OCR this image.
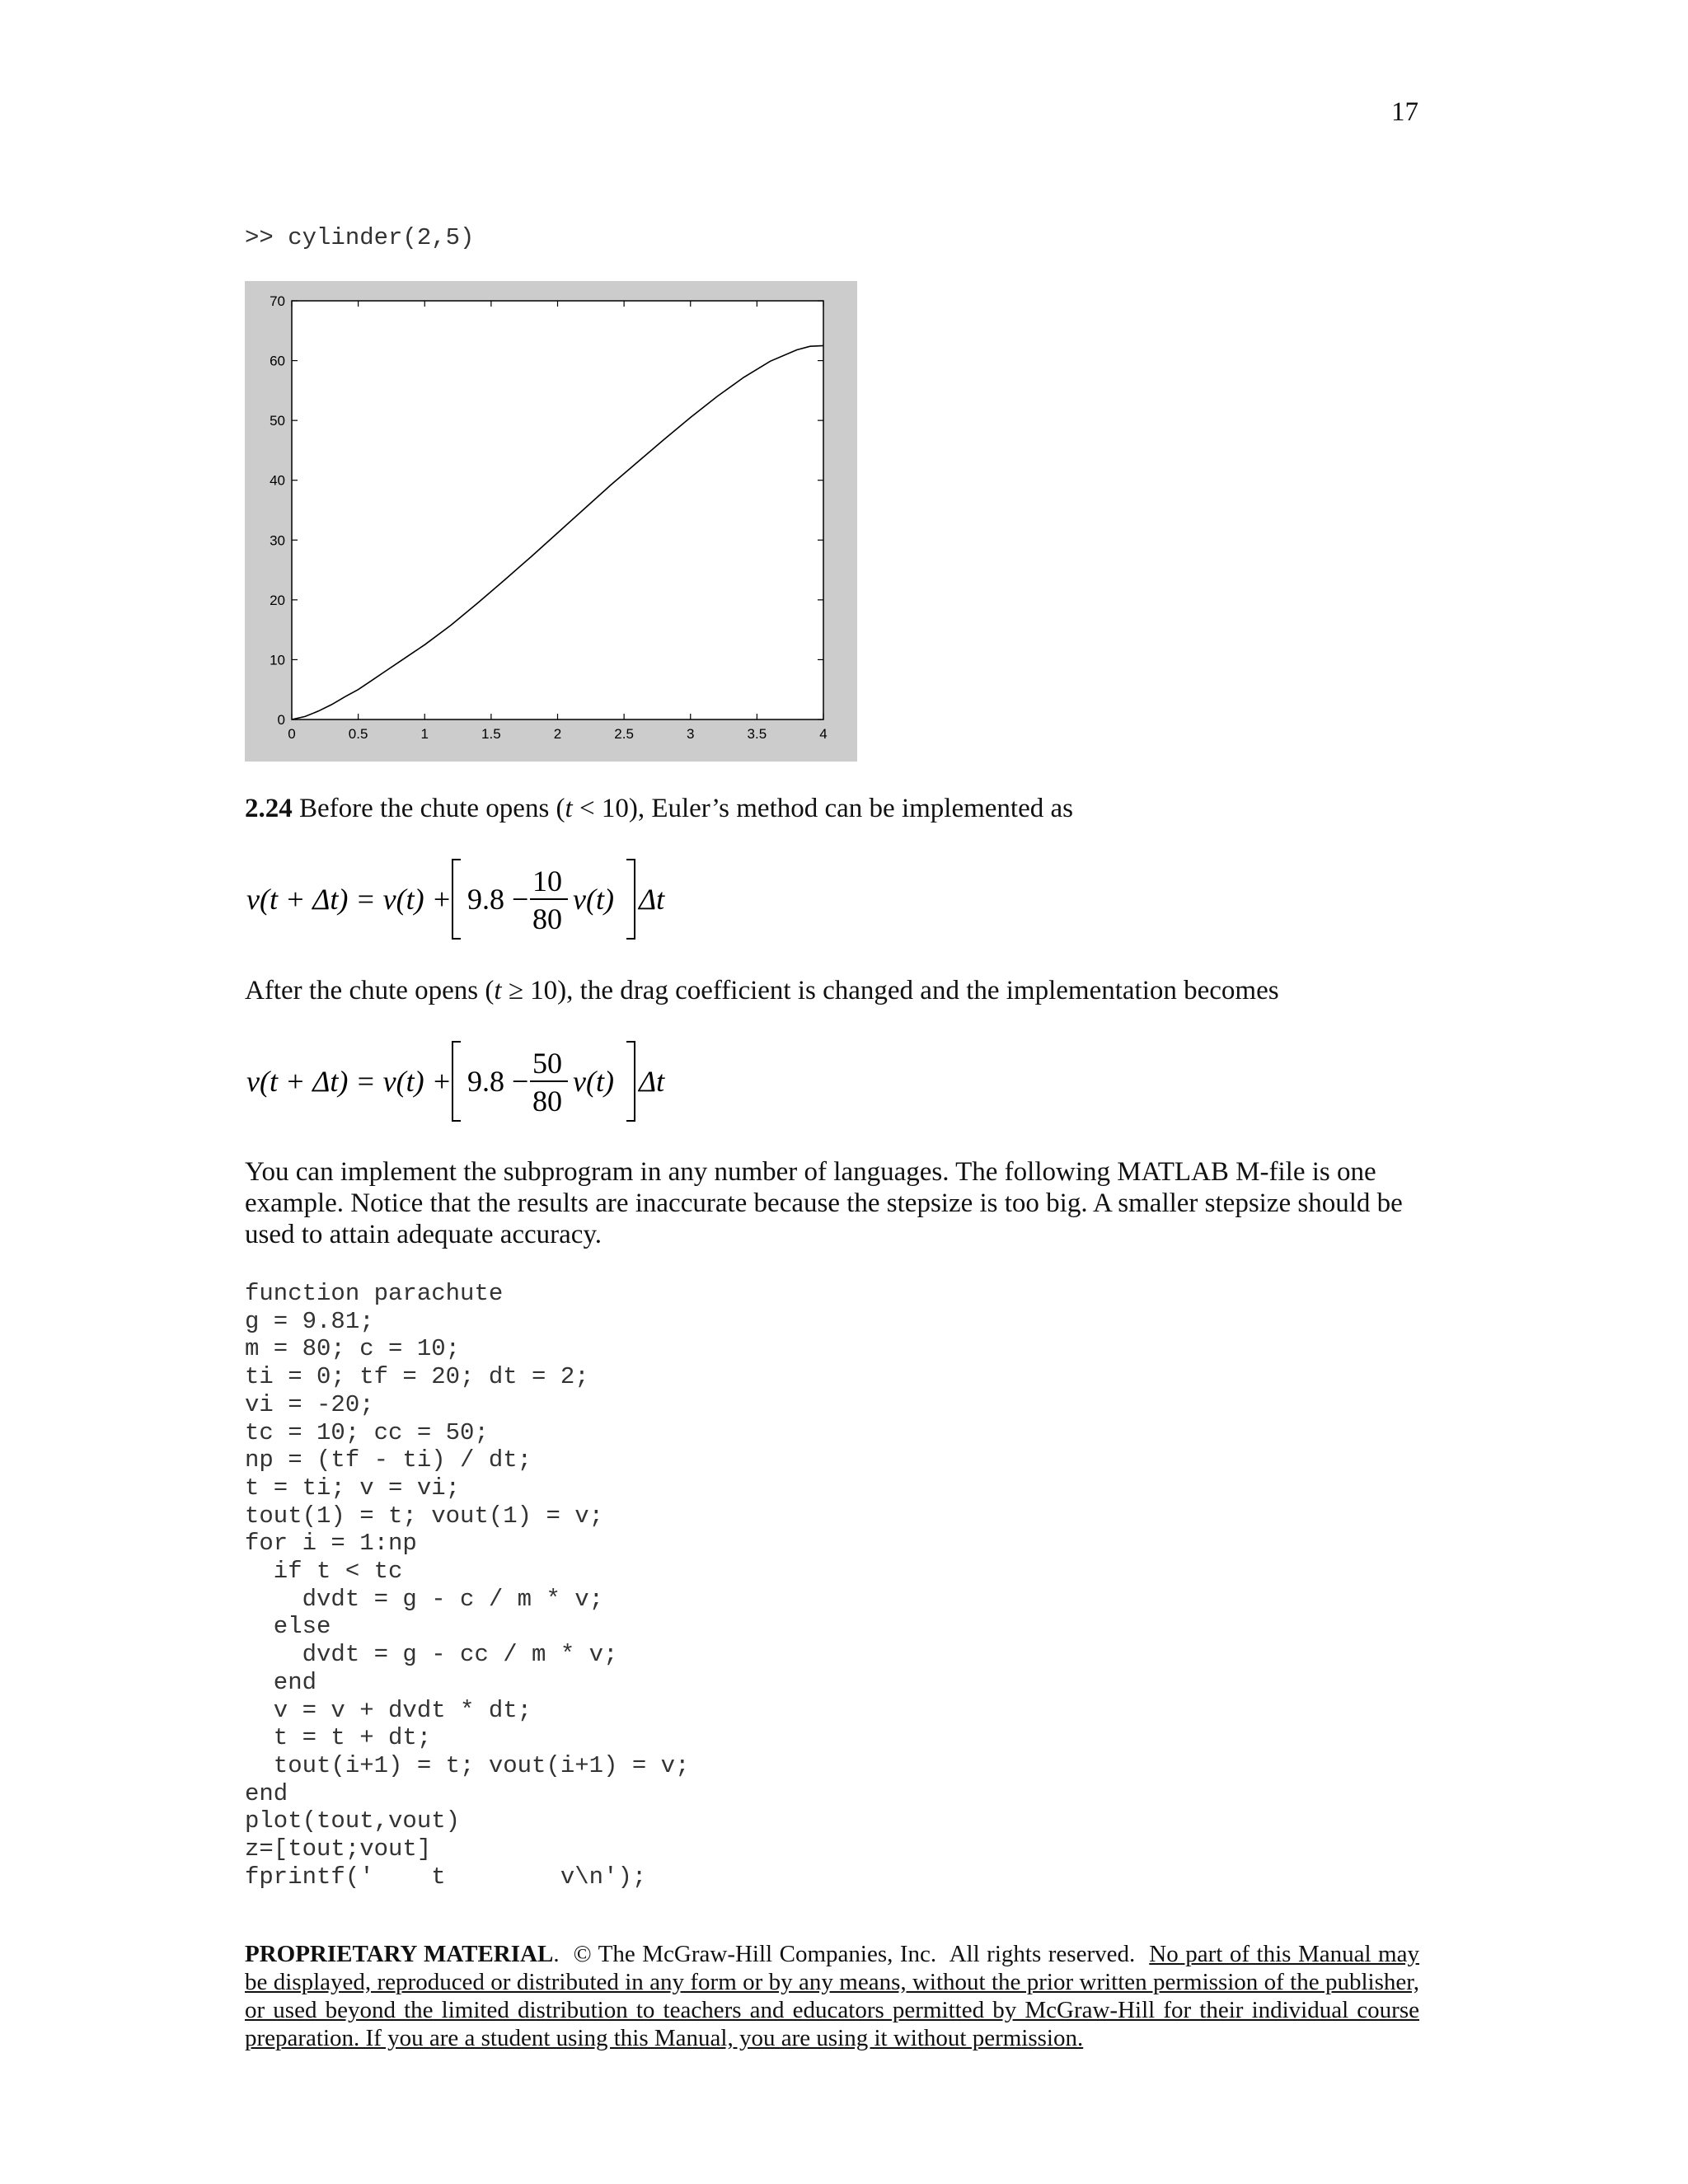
17
>> cylinder(2,5)
0	0.5	1	1.5	2	2.5	3	3.5	4
0
10
20
30
40
50
60
70
2.24 Before the chute opens (t < 10), Euler’s method can be implemented as
v(t + Δt) = v(t) + 9.8 −
10
80
v(t) Δt
After the chute opens (t ≥ 10), the drag coefficient is changed and the implementation becomes
v(t + Δt) = v(t) + 9.8 −
50
80
v(t) Δt
You can implement the subprogram in any number of languages. The following MATLAB M-file is one example. Notice that the results are inaccurate because the stepsize is too big. A smaller stepsize should be used to attain adequate accuracy.
function parachute
g = 9.81;
m = 80; c = 10;
ti = 0; tf = 20; dt = 2;
vi = -20;
tc = 10; cc = 50;
np = (tf - ti) / dt;
t = ti; v = vi;
tout(1) = t; vout(1) = v;
for i = 1:np
if t < tc
dvdt = g - c / m * v;
else
dvdt = g - cc / m * v;
end
v = v + dvdt * dt;
t = t + dt;
tout(i+1) = t; vout(i+1) = v;
end
plot(tout,vout)
z=[tout;vout]
fprintf('    t        v\n');
PROPRIETARY MATERIAL.  © The McGraw-Hill Companies, Inc.  All rights reserved.  No part of this Manual may be displayed, reproduced or distributed in any form or by any means, without the prior written permission of the publisher, or used beyond the limited distribution to teachers and educators permitted by McGraw-Hill for their individual course preparation. If you are a student using this Manual, you are using it without permission.
